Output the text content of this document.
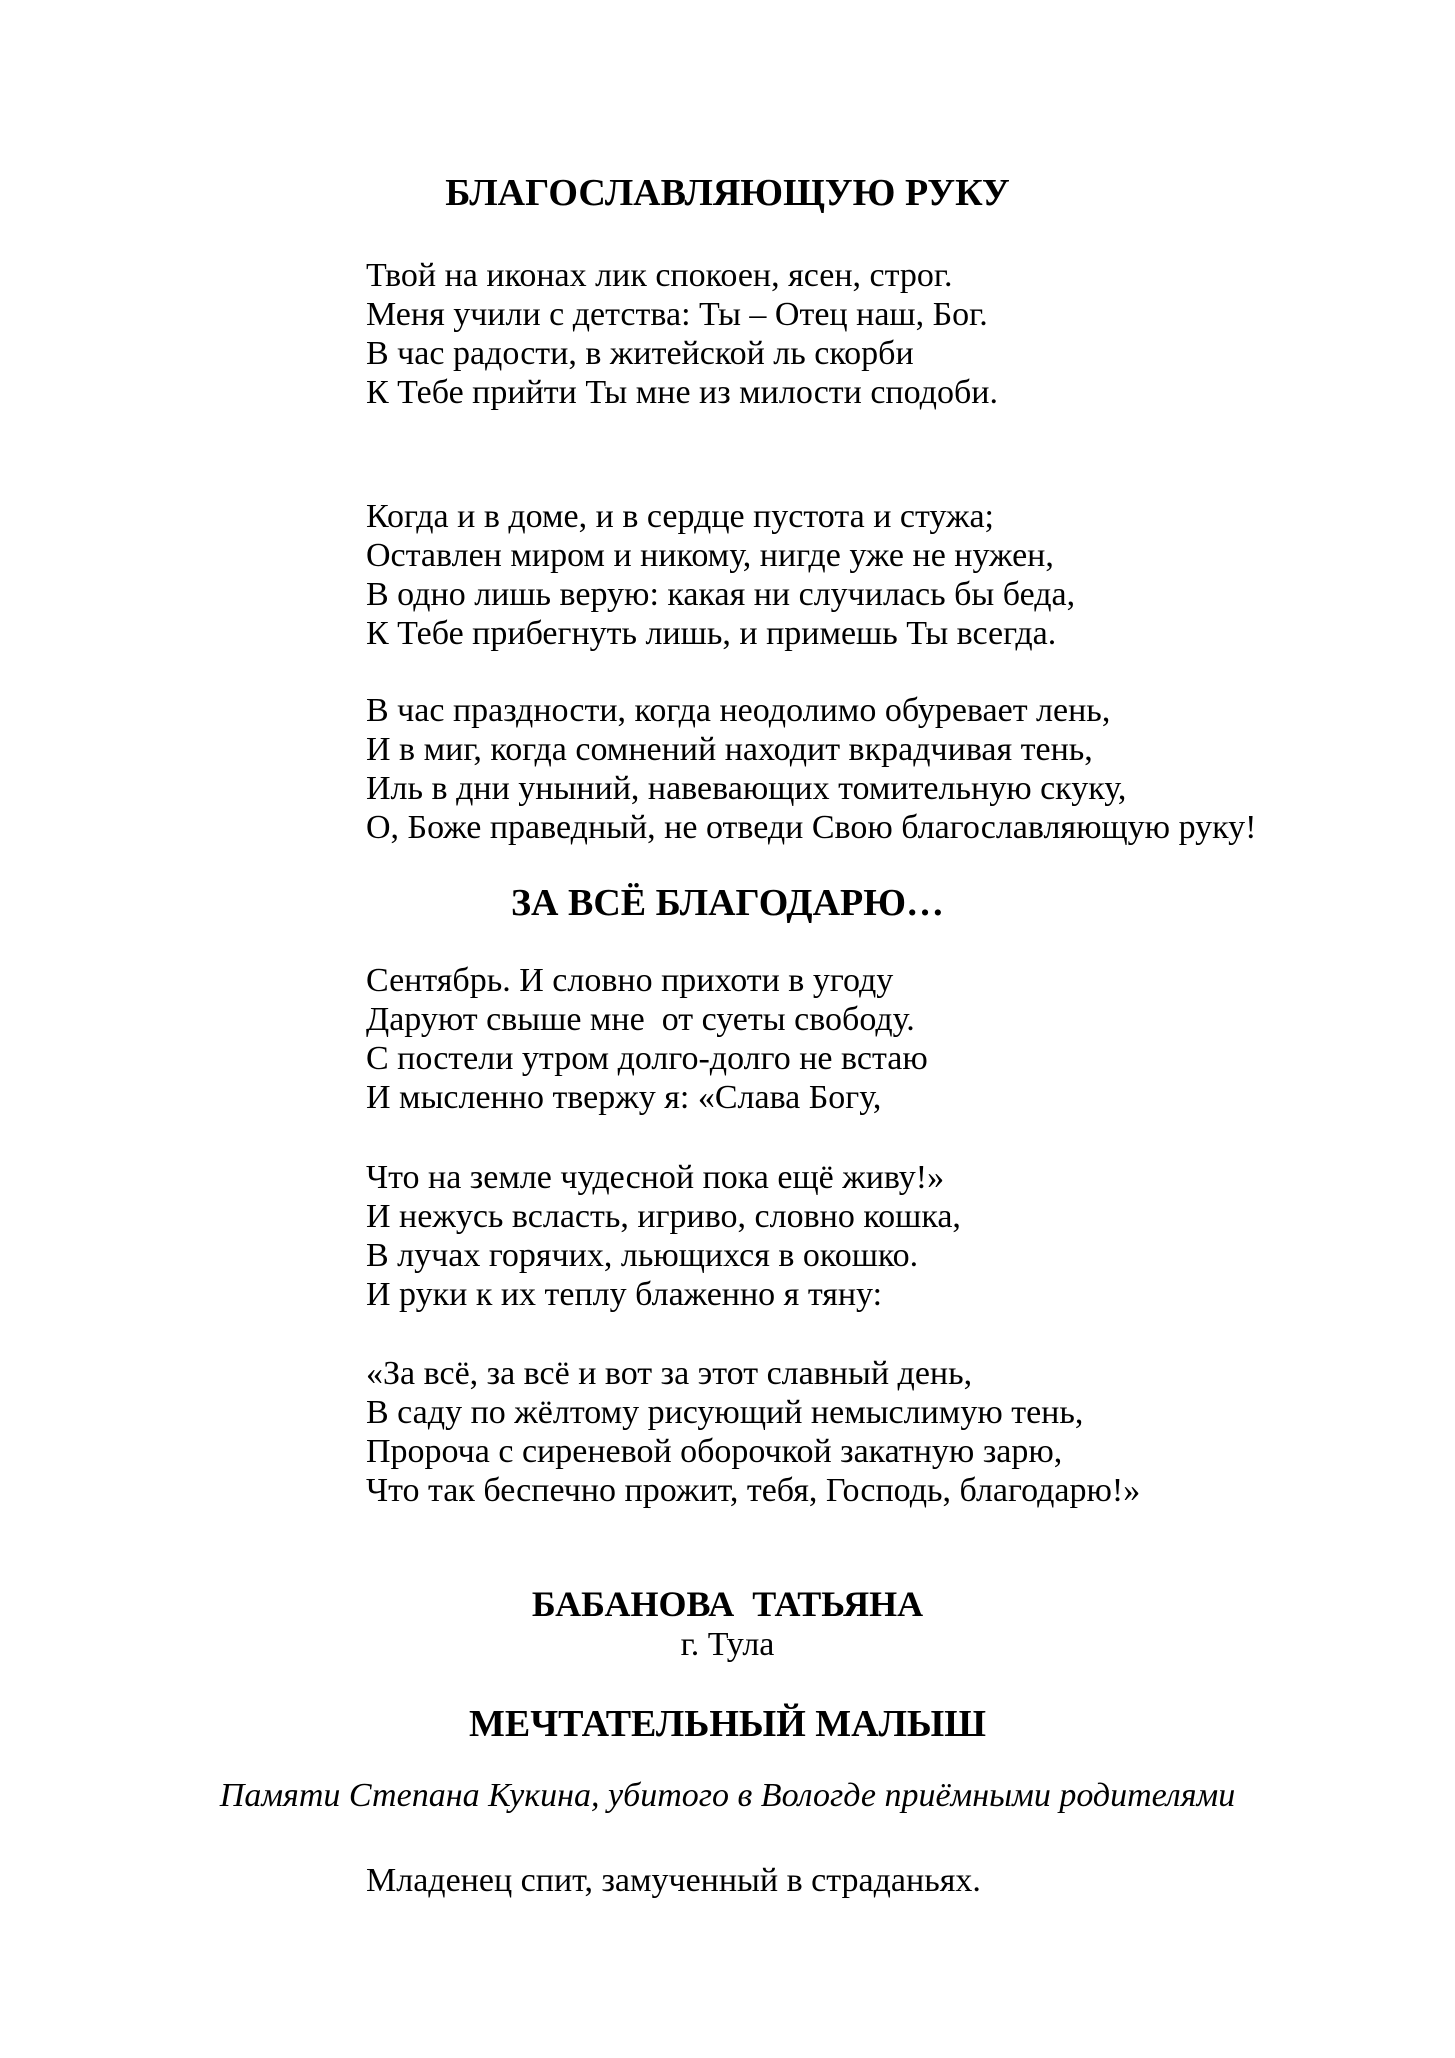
БЛАГОСЛАВЛЯЮЩУЮ РУКУ

Твой на иконах лик спокоен, ясен, строг.

Меня учили с детства: Ты – Отец наш, Бог.

В час радости, в житейской ль скорби

К Тебе прийти Ты мне из милости сподоби.

Когда и в доме, и в сердце пустота и стужа;

Оставлен миром и никому, нигде уже не нужен,

В одно лишь верую: какая ни случилась бы беда,

К Тебе прибегнуть лишь, и примешь Ты всегда.

В час праздности, когда неодолимо обуревает лень,

И в миг, когда сомнений находит вкрадчивая тень,

Иль в дни уныний, навевающих томительную скуку,

О, Боже праведный, не отведи Свою благославляющую руку!

ЗА ВСЁ БЛАГОДАРЮ…

Сентябрь. И словно прихоти в угоду

Даруют свыше мне  от суеты свободу.

С постели утром долго-долго не встаю

И мысленно твержу я: «Слава Богу,

Что на земле чудесной пока ещё живу!»

И нежусь всласть, игриво, словно кошка,

В лучах горячих, льющихся в окошко.

И руки к их теплу блаженно я тяну:

«За всё, за всё и вот за этот славный день,

В саду по жёлтому рисующий немыслимую тень,

Пророча с сиреневой оборочкой закатную зарю,

Что так беспечно прожит, тебя, Господь, благодарю!»

БАБАНОВА  ТАТЬЯНА

г. Тула

МЕЧТАТЕЛЬНЫЙ МАЛЫШ

Памяти Степана Кукина, убитого в Вологде приёмными родителями

Младенец спит, замученный в страданьях.
